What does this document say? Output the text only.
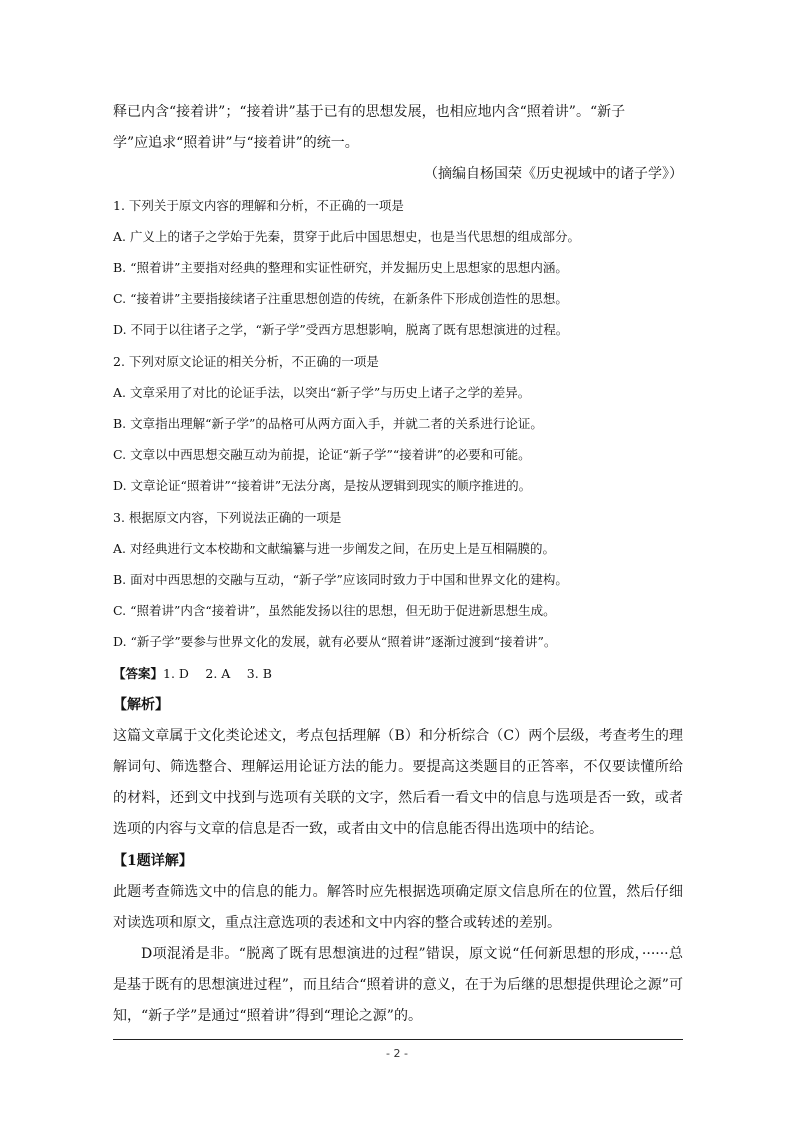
释已内含“接着讲”；“接着讲”基于已有的思想发展，也相应地内含“照着讲”。“新子
学”应追求“照着讲”与“接着讲”的统一。
（摘编自杨国荣《历史视域中的诸子学》）
1. 下列关于原文内容的理解和分析，不正确的一项是
A. 广义上的诸子之学始于先秦，贯穿于此后中国思想史，也是当代思想的组成部分。
B. “照着讲”主要指对经典的整理和实证性研究，并发掘历史上思想家的思想内涵。
C. “接着讲”主要指接续诸子注重思想创造的传统，在新条件下形成创造性的思想。
D. 不同于以往诸子之学，“新子学”受西方思想影响，脱离了既有思想演进的过程。
2. 下列对原文论证的相关分析，不正确的一项是
A. 文章采用了对比的论证手法，以突出“新子学”与历史上诸子之学的差异。
B. 文章指出理解“新子学”的品格可从两方面入手，并就二者的关系进行论证。
C. 文章以中西思想交融互动为前提，论证“新子学”“接着讲”的必要和可能。
D. 文章论证“照着讲”“接着讲”无法分离，是按从逻辑到现实的顺序推进的。
3. 根据原文内容，下列说法正确的一项是
A. 对经典进行文本校勘和文献编纂与进一步阐发之间，在历史上是互相隔膜的。
B. 面对中西思想的交融与互动，“新子学”应该同时致力于中国和世界文化的建构。
C. “照着讲”内含“接着讲”，虽然能发扬以往的思想，但无助于促进新思想生成。
D. “新子学”要参与世界文化的发展，就有必要从“照着讲”逐渐过渡到“接着讲”。
【答案】1. D　 2. A　 3. B
【解析】
这篇文章属于文化类论述文，考点包括理解（B）和分析综合（C）两个层级，考查考生的理解词句、筛选整合、理解运用论证方法的能力。要提高这类题目的正答率，不仅要读懂所给的材料，还到文中找到与选项有关联的文字，然后看一看文中的信息与选项是否一致，或者选项的内容与文章的信息是否一致，或者由文中的信息能否得出选项中的结论。
【1题详解】
此题考查筛选文中的信息的能力。解答时应先根据选项确定原文信息所在的位置，然后仔细对读选项和原文，重点注意选项的表述和文中内容的整合或转述的差别。
D项混淆是非。“脱离了既有思想演进的过程”错误，原文说“任何新思想的形成，······总是基于既有的思想演进过程”，而且结合“照着讲的意义，在于为后继的思想提供理论之源”可知，“新子学”是通过“照着讲”得到“理论之源”的。
- 2 -
